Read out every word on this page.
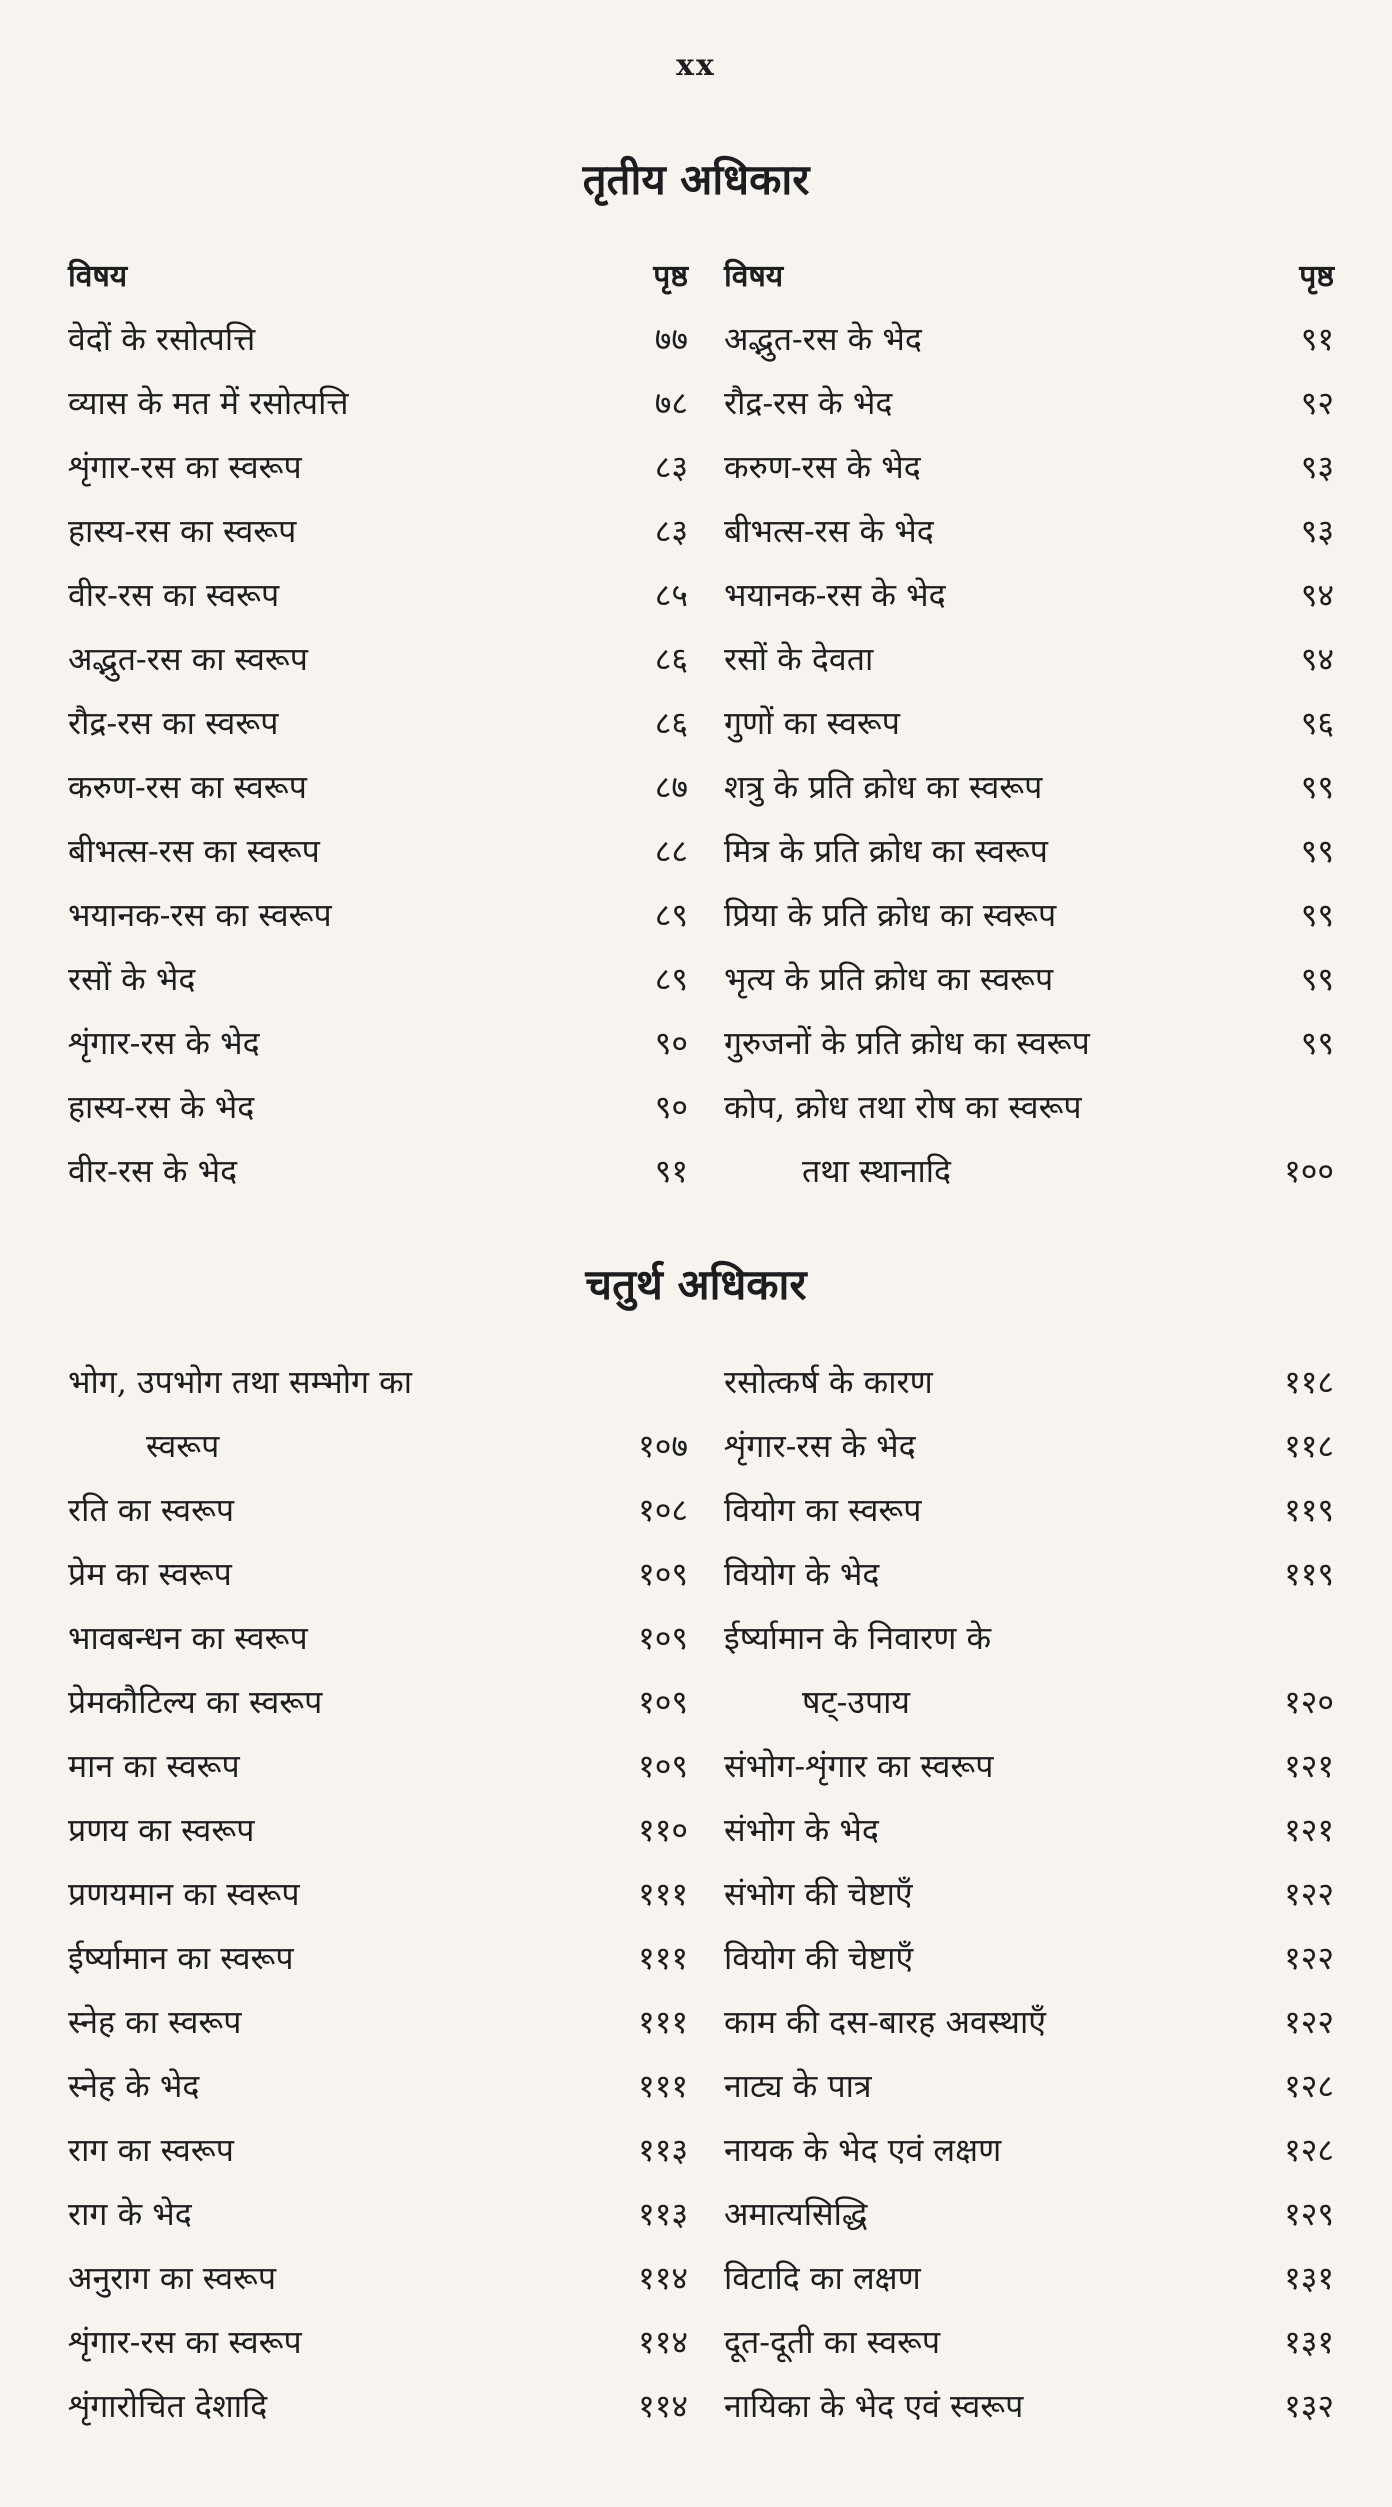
xx
तृतीय अधिकार
विषय	पृष्ठ
वेदों के रसोत्पत्ति	७७
व्यास के मत में रसोत्पत्ति	७८
शृंगार-रस का स्वरूप	८३
हास्य-रस का स्वरूप	८३
वीर-रस का स्वरूप	८५
अद्भुत-रस का स्वरूप	८६
रौद्र-रस का स्वरूप	८६
करुण-रस का स्वरूप	८७
बीभत्स-रस का स्वरूप	८८
भयानक-रस का स्वरूप	८९
रसों के भेद	८९
शृंगार-रस के भेद	९०
हास्य-रस के भेद	९०
वीर-रस के भेद	९१
विषय	पृष्ठ
अद्भुत-रस के भेद	९१
रौद्र-रस के भेद	९२
करुण-रस के भेद	९३
बीभत्स-रस के भेद	९३
भयानक-रस के भेद	९४
रसों के देवता	९४
गुणों का स्वरूप	९६
शत्रु के प्रति क्रोध का स्वरूप	९९
मित्र के प्रति क्रोध का स्वरूप	९९
प्रिया के प्रति क्रोध का स्वरूप	९९
भृत्य के प्रति क्रोध का स्वरूप	९९
गुरुजनों के प्रति क्रोध का स्वरूप	९९
कोप, क्रोध तथा रोष का स्वरूप
तथा स्थानादि	१००
चतुर्थ अधिकार
भोग, उपभोग तथा सम्भोग का
स्वरूप	१०७
रति का स्वरूप	१०८
प्रेम का स्वरूप	१०९
भावबन्धन का स्वरूप	१०९
प्रेमकौटिल्य का स्वरूप	१०९
मान का स्वरूप	१०९
प्रणय का स्वरूप	११०
प्रणयमान का स्वरूप	१११
ईर्ष्यामान का स्वरूप	१११
स्नेह का स्वरूप	१११
स्नेह के भेद	१११
राग का स्वरूप	११३
राग के भेद	११३
अनुराग का स्वरूप	११४
शृंगार-रस का स्वरूप	११४
शृंगारोचित देशादि	११४
रसोत्कर्ष के कारण	११८
शृंगार-रस के भेद	११८
वियोग का स्वरूप	११९
वियोग के भेद	११९
ईर्ष्यामान के निवारण के
षट्-उपाय	१२०
संभोग-शृंगार का स्वरूप	१२१
संभोग के भेद	१२१
संभोग की चेष्टाएँ	१२२
वियोग की चेष्टाएँ	१२२
काम की दस-बारह अवस्थाएँ	१२२
नाट्य के पात्र	१२८
नायक के भेद एवं लक्षण	१२८
अमात्यसिद्धि	१२९
विटादि का लक्षण	१३१
दूत-दूती का स्वरूप	१३१
नायिका के भेद एवं स्वरूप	१३२
